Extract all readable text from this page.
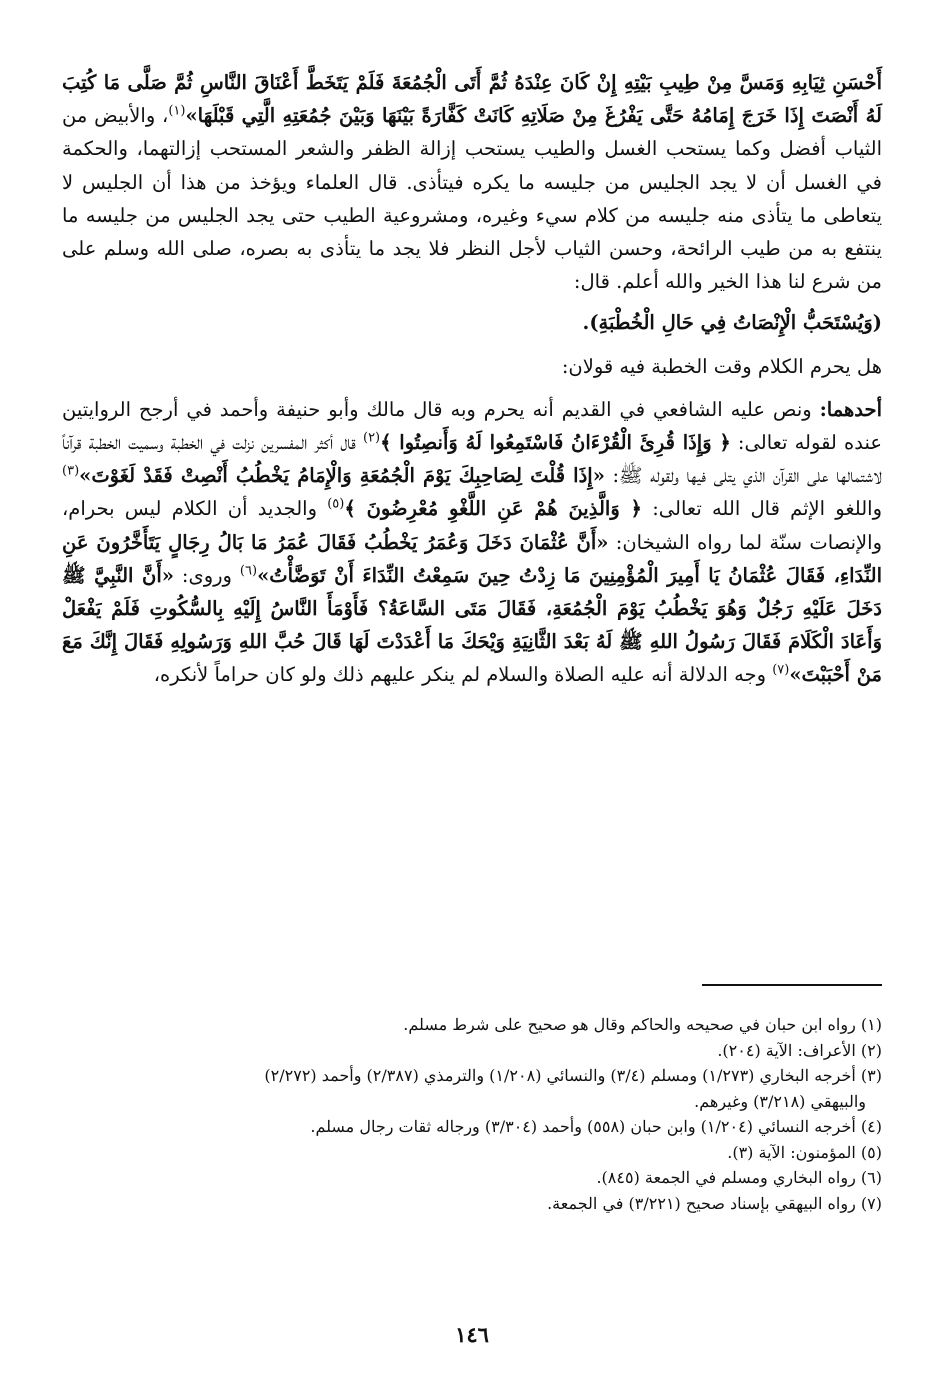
أَحْسَنِ ثِيَابِهِ وَمَسَّ مِنْ طِيبِ بَيْتِهِ إِنْ كَانَ عِنْدَهُ ثُمَّ أَتَى الْجُمُعَةَ فَلَمْ يَتَخَطَّ أَعْنَاقَ النَّاسِ ثُمَّ صَلَّى مَا كُتِبَ لَهُ أَنْصَتَ إِذَا خَرَجَ إِمَامُهُ حَتَّى يَفْرُغَ مِنْ صَلَاتِهِ كَانَتْ كَفَّارَةً بَيْنَهَا وَبَيْنَ جُمُعَتِهِ الَّتِي قَبْلَهَا»$^{(١)}$، والأبيض من الثياب أفضل وكما يستحب الغسل والطيب يستحب إزالة الظفر والشعر المستحب إزالتهما، والحكمة في الغسل أن لا يجد الجليس من جليسه ما يكره فيتأذى. قال العلماء ويؤخذ من هذا أن الجليس لا يتعاطى ما يتأذى منه جليسه من كلام سيء وغيره، ومشروعية الطيب حتى يجد الجليس من جليسه ما ينتفع به من طيب الرائحة، وحسن الثياب لأجل النظر فلا يجد ما يتأذى به بصره، صلى الله وسلم على من شرع لنا هذا الخير والله أعلم. قال:

(وَيُسْتَحَبُّ الْإِنْصَاتُ فِي حَالِ الْخُطْبَةِ).

هل يحرم الكلام وقت الخطبة فيه قولان:

أحدهما: ونص عليه الشافعي في القديم أنه يحرم وبه قال مالك وأبو حنيفة وأحمد في أرجح الروايتين عنده لقوله تعالى: ﴿ وَإِذَا قُرِئَ الْقُرْءَانُ فَاسْتَمِعُوا لَهُ وَأَنصِتُوا ﴾$^{(٢)}$ قال أكثر المفسرين نزلت في الخطبة وسميت الخطبة قرآناً لاشتمالها على القرآن الذي يتلى فيها ولقوله ﷺ: «إِذَا قُلْتَ لِصَاحِبِكَ يَوْمَ الْجُمُعَةِ وَالْإِمَامُ يَخْطُبُ أَنْصِتْ فَقَدْ لَغَوْتَ»$^{(٣)}$ واللغو الإثم قال الله تعالى: ﴿ وَالَّذِينَ هُمْ عَنِ اللَّغْوِ مُعْرِضُونَ ﴾$^{(٥)}$ والجديد أن الكلام ليس بحرام، والإنصات سنّة لما رواه الشيخان: «أَنَّ عُثْمَانَ دَخَلَ وَعُمَرُ يَخْطُبُ فَقَالَ عُمَرُ مَا بَالُ رِجَالٍ يَتَأَخَّرُونَ عَنِ النِّدَاءِ، فَقَالَ عُثْمَانُ يَا أَمِيرَ الْمُؤْمِنِينَ مَا زِدْتُ حِينَ سَمِعْتُ النِّدَاءَ أَنْ تَوَضَّأْتُ»$^{(٦)}$ وروى: «أَنَّ النَّبِيَّ ﷺ دَخَلَ عَلَيْهِ رَجُلٌ وَهُوَ يَخْطُبُ يَوْمَ الْجُمُعَةِ، فَقَالَ مَتَى السَّاعَةُ؟ فَأَوْمَأَ النَّاسُ إِلَيْهِ بِالسُّكُوتِ فَلَمْ يَفْعَلْ وَأَعَادَ الْكَلَامَ فَقَالَ رَسُولُ اللهِ ﷺ لَهُ بَعْدَ الثَّانِيَةِ وَيْحَكَ مَا أَعْدَدْتَ لَهَا قَالَ حُبَّ اللهِ وَرَسُولِهِ فَقَالَ إِنَّكَ مَعَ مَنْ أَحْبَبْتَ»$^{(٧)}$ وجه الدلالة أنه عليه الصلاة والسلام لم ينكر عليهم ذلك ولو كان حراماً لأنكره،

(١) رواه ابن حبان في صحيحه والحاكم وقال هو صحيح على شرط مسلم.

(٢) الأعراف: الآية (٢٠٤).

(٣) أخرجه البخاري (١/٢٧٣) ومسلم (٣/٤) والنسائي (١/٢٠٨) والترمذي (٢/٣٨٧) وأحمد (٢/٢٧٢)

والبيهقي (٣/٢١٨) وغيرهم.

(٤) أخرجه النسائي (١/٢٠٤) وابن حبان (٥٥٨) وأحمد (٣/٣٠٤) ورجاله ثقات رجال مسلم.

(٥) المؤمنون: الآية (٣).

(٦) رواه البخاري ومسلم في الجمعة (٨٤٥).

(٧) رواه البيهقي بإسناد صحيح (٣/٢٢١) في الجمعة.

١٤٦
